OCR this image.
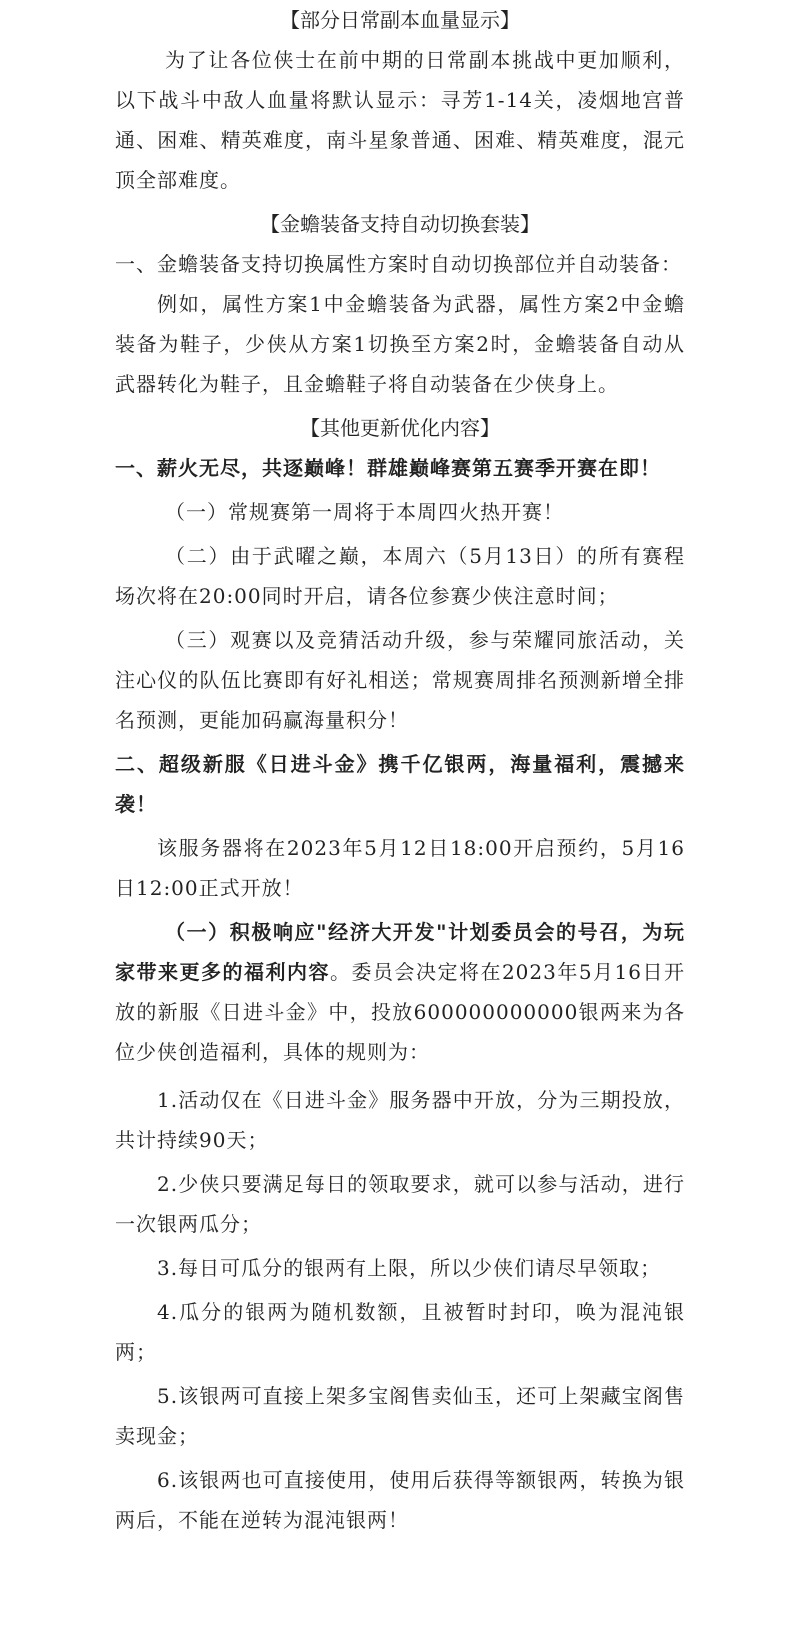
【部分日常副本血量显示】

为了让各位侠士在前中期的日常副本挑战中更加顺利，以下战斗中敌人血量将默认显示：寻芳1-14关，凌烟地宫普通、困难、精英难度，南斗星象普通、困难、精英难度，混元顶全部难度。

【金蟾装备支持自动切换套装】

一、金蟾装备支持切换属性方案时自动切换部位并自动装备：

例如，属性方案1中金蟾装备为武器，属性方案2中金蟾装备为鞋子，少侠从方案1切换至方案2时，金蟾装备自动从武器转化为鞋子，且金蟾鞋子将自动装备在少侠身上。

【其他更新优化内容】

一、薪火无尽，共逐巅峰！群雄巅峰赛第五赛季开赛在即！

（一）常规赛第一周将于本周四火热开赛！

（二）由于武曜之巅，本周六（5月13日）的所有赛程场次将在20:00同时开启，请各位参赛少侠注意时间；

（三）观赛以及竞猜活动升级，参与荣耀同旅活动，关注心仪的队伍比赛即有好礼相送；常规赛周排名预测新增全排名预测，更能加码赢海量积分！

二、超级新服《日进斗金》携千亿银两，海量福利，震撼来袭！

该服务器将在2023年5月12日18:00开启预约，5月16日12:00正式开放！

（一）积极响应"经济大开发"计划委员会的号召，为玩家带来更多的福利内容。委员会决定将在2023年5月16日开放的新服《日进斗金》中，投放600000000000银两来为各位少侠创造福利，具体的规则为：

1.活动仅在《日进斗金》服务器中开放，分为三期投放，共计持续90天；

2.少侠只要满足每日的领取要求，就可以参与活动，进行一次银两瓜分；

3.每日可瓜分的银两有上限，所以少侠们请尽早领取；

4.瓜分的银两为随机数额，且被暂时封印，唤为混沌银两；

5.该银两可直接上架多宝阁售卖仙玉，还可上架藏宝阁售卖现金；

6.该银两也可直接使用，使用后获得等额银两，转换为银两后，不能在逆转为混沌银两！
